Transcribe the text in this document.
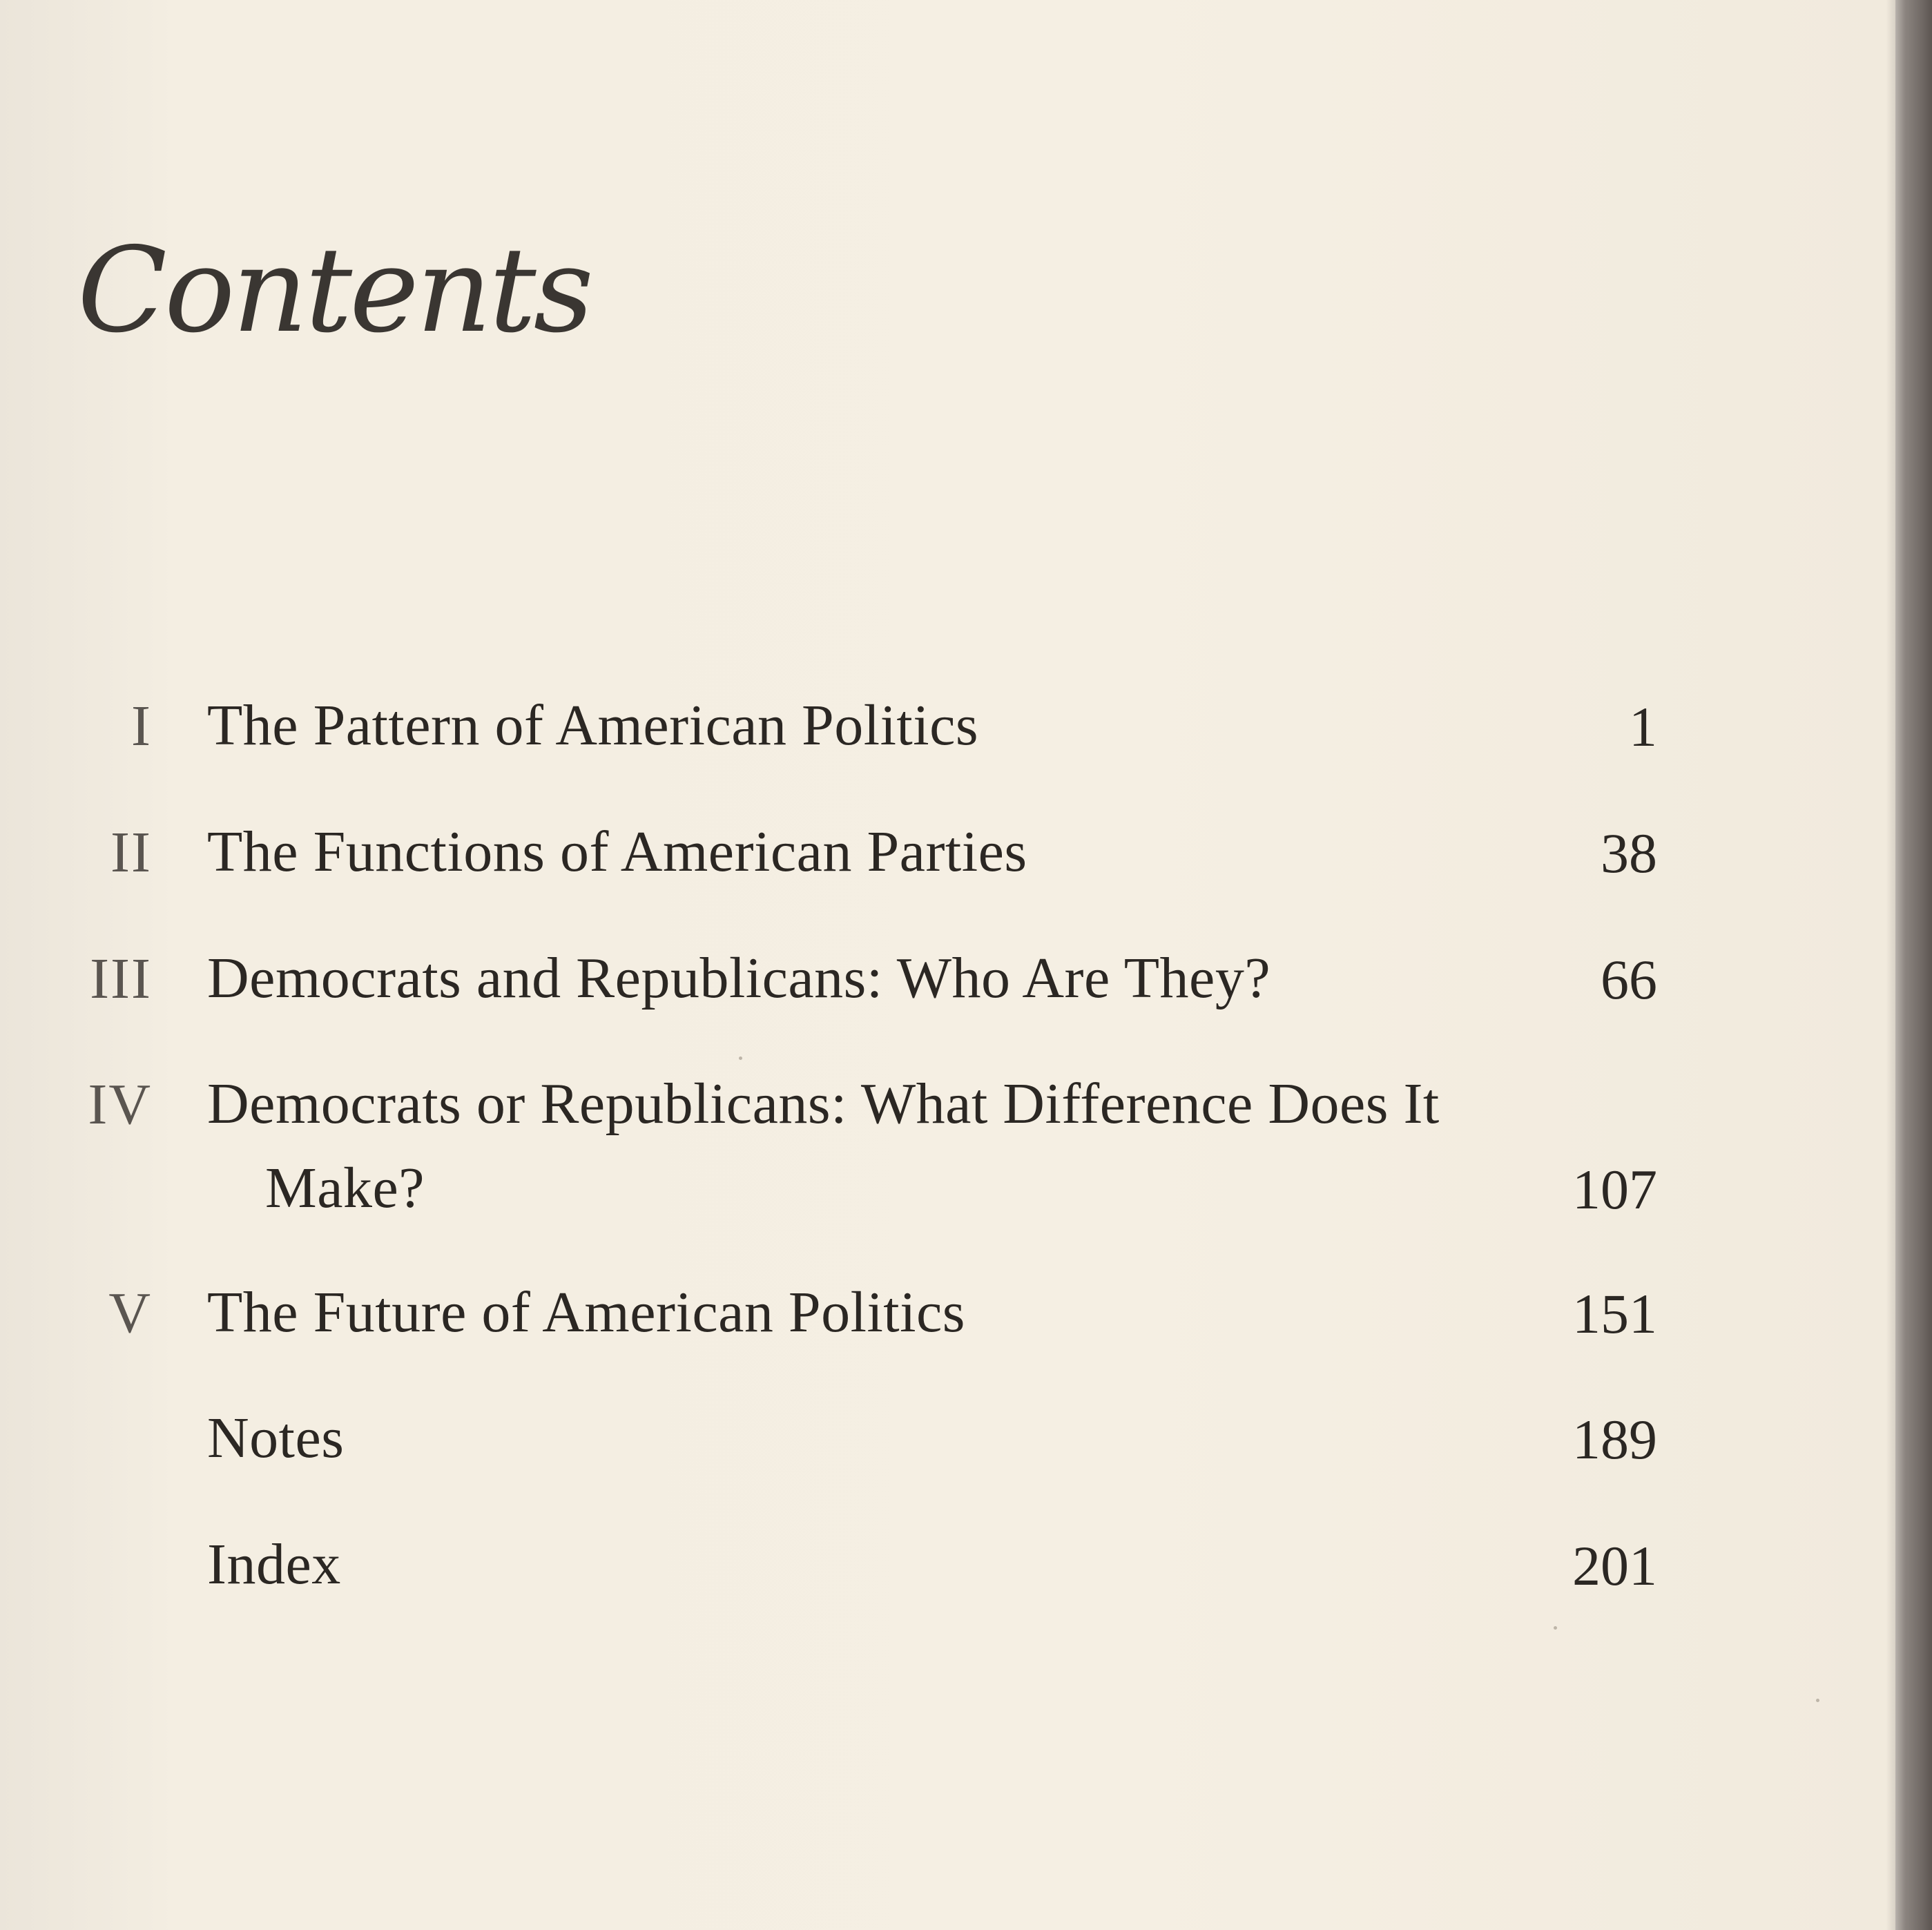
Contents
I The Pattern of American Politics	1
II The Functions of American Parties	38
III Democrats and Republicans: Who Are They?	66
IV Democrats or Republicans: What Difference Does It
Make?	107
V The Future of American Politics	151
Notes	189
Index	201
